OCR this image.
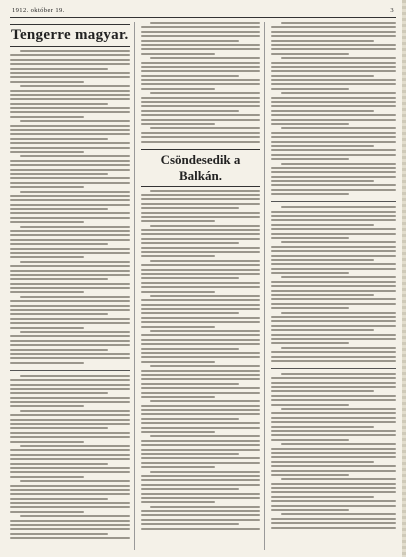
1912. október 19.	3
Tengerre magyar.
Csöndesedik a Balkán.
